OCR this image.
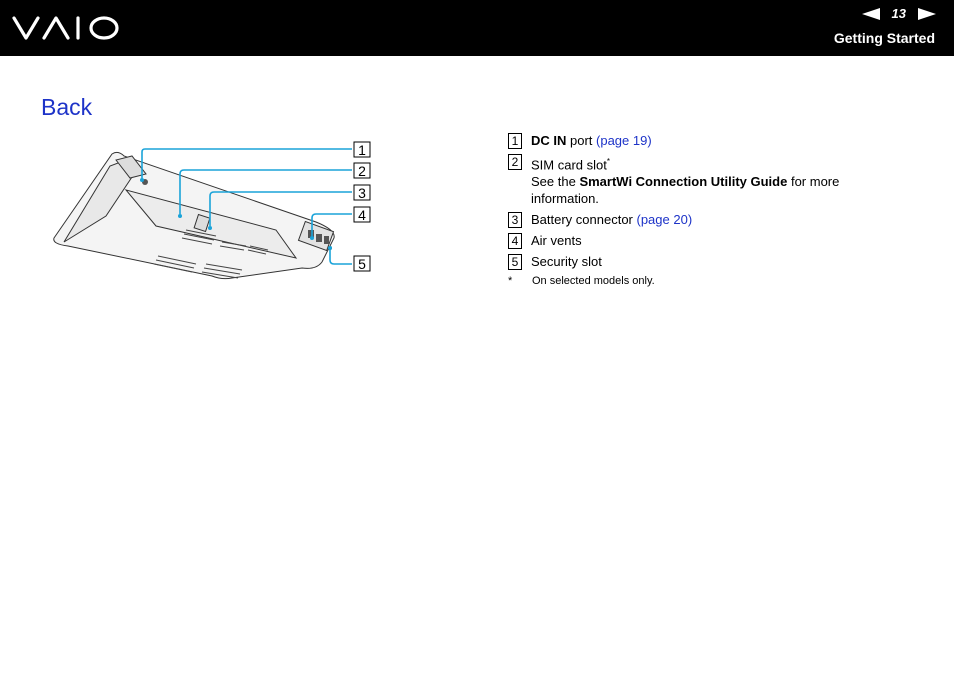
13
Getting Started
Back
1
2
3
4
5
1 DC IN port (page 19)
2 SIM card slot*
See the SmartWi Connection Utility Guide for more information.
3 Battery connector (page 20)
4 Air vents
5 Security slot
*	On selected models only.
